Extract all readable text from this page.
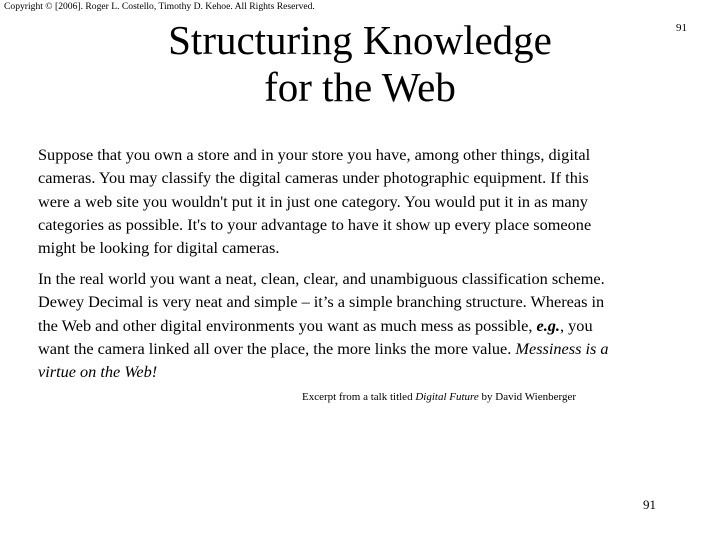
Copyright © [2006]. Roger L. Costello, Timothy D. Kehoe. All Rights Reserved.
91
Structuring Knowledge
for the Web
Suppose that you own a store and in your store you have, among other things, digital
cameras. You may classify the digital cameras under photographic equipment. If this
were a web site you wouldn't put it in just one category. You would put it in as many
categories as possible. It's to your advantage to have it show up every place someone
might be looking for digital cameras.
In the real world you want a neat, clean, clear, and unambiguous classification scheme.
Dewey Decimal is very neat and simple – it’s a simple branching structure. Whereas in
the Web and other digital environments you want as much mess as possible, e.g., you
want the camera linked all over the place, the more links the more value. Messiness is a
virtue on the Web!
Excerpt from a talk titled Digital Future by David Wienberger
91
